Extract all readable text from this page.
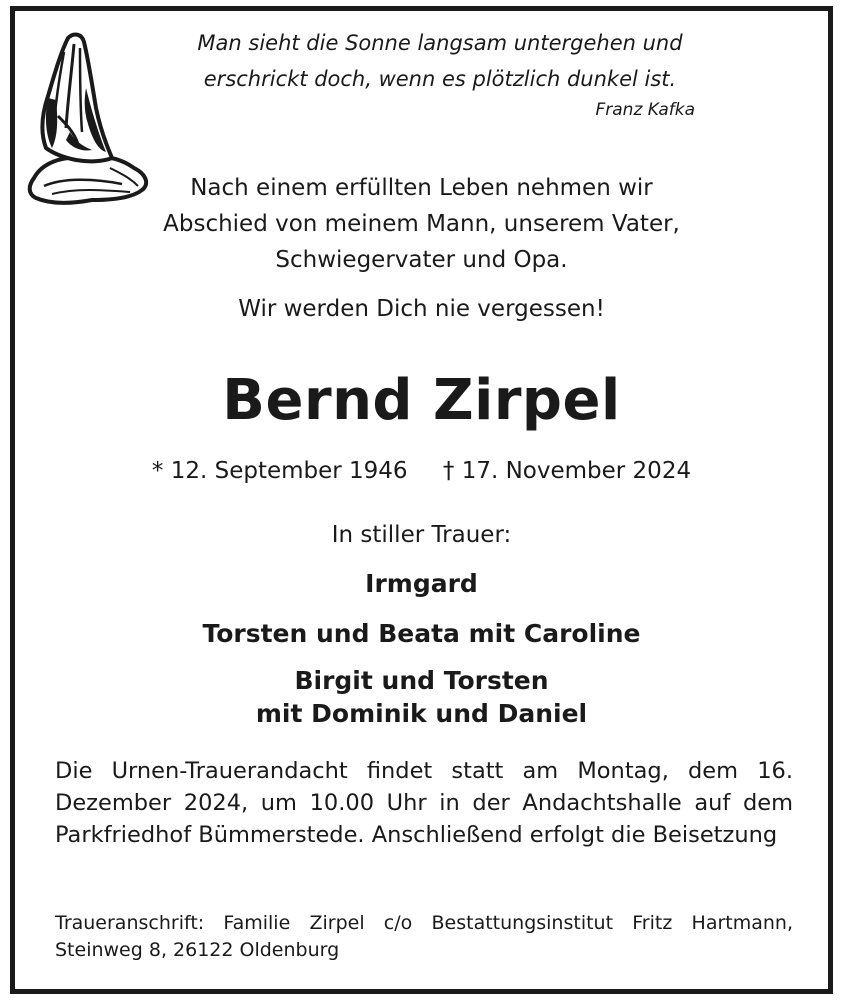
Man sieht die Sonne langsam untergehen und
erschrickt doch, wenn es plötzlich dunkel ist.
Franz Kafka
Nach einem erfüllten Leben nehmen wir
Abschied von meinem Mann, unserem Vater,
Schwiegervater und Opa.
Wir werden Dich nie vergessen!
Bernd Zirpel
* 12. September 1946 † 17. November 2024
In stiller Trauer:
Irmgard
Torsten und Beata mit Caroline
Birgit und Torsten
mit Dominik und Daniel
Die Urnen-Trauerandacht findet statt am Montag, dem 16. Dezember 2024, um 10.00 Uhr in der Andachtshalle auf dem Parkfriedhof Bümmerstede. Anschließend erfolgt die Beisetzung
Traueranschrift: Familie Zirpel c/o Bestattungsinstitut Fritz Hartmann, Steinweg 8, 26122 Oldenburg
